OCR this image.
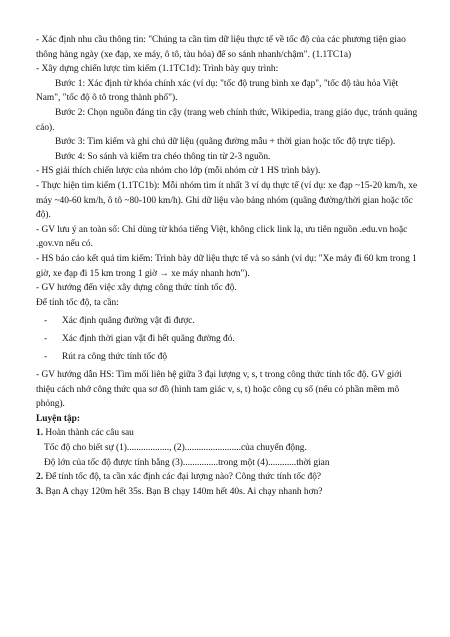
- Xác định nhu cầu thông tin: "Chúng ta cần tìm dữ liệu thực tế về tốc độ của các phương tiện giao thông hàng ngày (xe đạp, xe máy, ô tô, tàu hỏa) để so sánh nhanh/chậm". (1.1TC1a)

- Xây dựng chiến lược tìm kiếm (1.1TC1d): Trình bày quy trình:

Bước 1: Xác định từ khóa chính xác (ví dụ: "tốc độ trung bình xe đạp", "tốc độ tàu hỏa Việt Nam", "tốc độ ô tô trong thành phố").

Bước 2: Chọn nguồn đáng tin cậy (trang web chính thức, Wikipedia, trang giáo dục, tránh quảng cáo).

Bước 3: Tìm kiếm và ghi chú dữ liệu (quãng đường mẫu + thời gian hoặc tốc độ trực tiếp).

Bước 4: So sánh và kiểm tra chéo thông tin từ 2-3 nguồn.

- HS giải thích chiến lược của nhóm cho lớp (mỗi nhóm cử 1 HS trình bày).

- Thực hiện tìm kiếm (1.1TC1b): Mỗi nhóm tìm ít nhất 3 ví dụ thực tế (ví dụ: xe đạp ~15-20 km/h, xe máy ~40-60 km/h, ô tô ~80-100 km/h). Ghi dữ liệu vào bảng nhóm (quãng đường/thời gian hoặc tốc độ).

- GV lưu ý an toàn số: Chỉ dùng từ khóa tiếng Việt, không click link lạ, ưu tiên nguồn .edu.vn hoặc .gov.vn nếu có.

- HS báo cáo kết quả tìm kiếm: Trình bày dữ liệu thực tế và so sánh (ví dụ: "Xe máy đi 60 km trong 1 giờ, xe đạp đi 15 km trong 1 giờ → xe máy nhanh hơn").

- GV hướng đến việc xây dựng công thức tính tốc độ.

Để tính tốc độ, ta cần:

- Xác định quãng đường vật đi được.

- Xác định thời gian vật đi hết quãng đường đó.

- Rút ra công thức tính tốc độ

- GV hướng dẫn HS: Tìm mối liên hệ giữa 3 đại lượng v, s, t trong công thức tính tốc độ. GV giới thiệu cách nhớ công thức qua sơ đồ (hình tam giác v, s, t) hoặc công cụ số (nếu có phần mềm mô phỏng).

Luyện tập:

1. Hoàn thành các câu sau

Tốc độ cho biết sự (1).................., (2)........................của chuyển động.

Độ lớn của tốc độ được tính bằng (3)...............trong một (4)............thời gian

2. Để tính tốc độ, ta cần xác định các đại lượng nào? Công thức tính tốc độ?

3. Bạn A chạy 120m hết 35s. Bạn B chạy 140m hết 40s. Ai chạy nhanh hơn?
